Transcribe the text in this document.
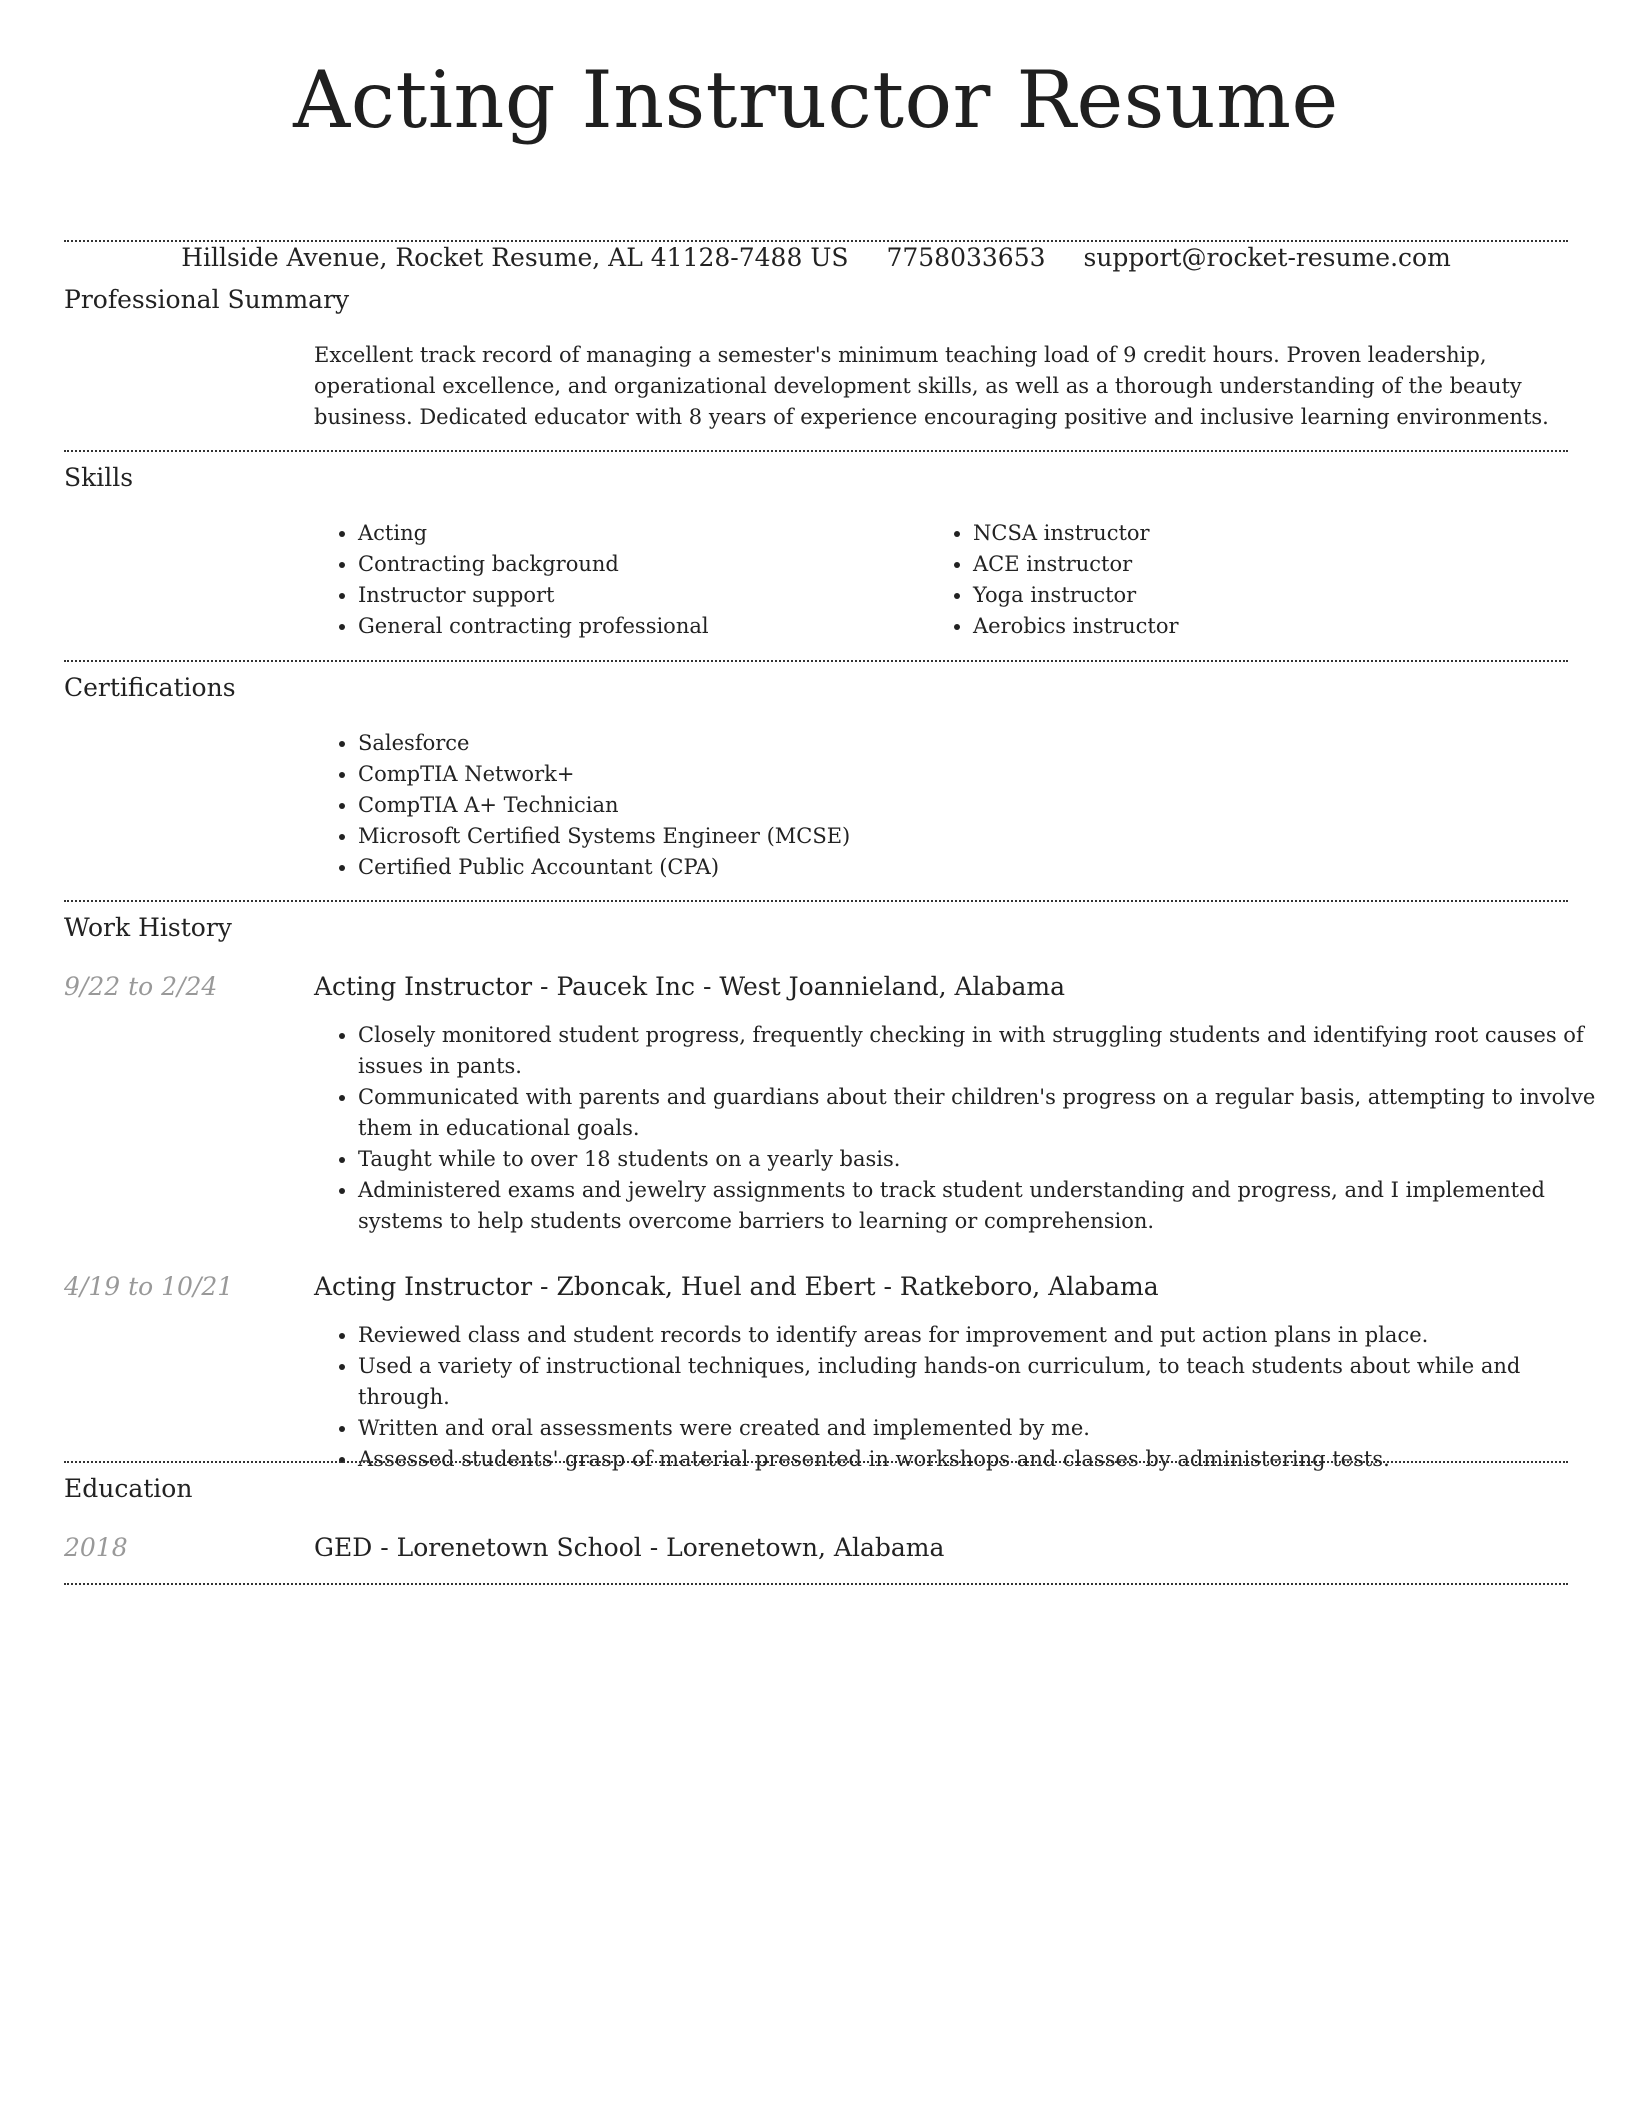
Acting Instructor Resume
Hillside Avenue, Rocket Resume, AL 41128-7488 US 7758033653 support@rocket-resume.com
Professional Summary
Excellent track record of managing a semester's minimum teaching load of 9 credit hours. Proven leadership, operational excellence, and organizational development skills, as well as a thorough understanding of the beauty business. Dedicated educator with 8 years of experience encouraging positive and inclusive learning environments.
Skills
• Acting
• Contracting background
• Instructor support
• General contracting professional
• NCSA instructor
• ACE instructor
• Yoga instructor
• Aerobics instructor
Certifications
• Salesforce
• CompTIA Network+
• CompTIA A+ Technician
• Microsoft Certified Systems Engineer (MCSE)
• Certified Public Accountant (CPA)
Work History
9/22 to 2/24	Acting Instructor - Paucek Inc - West Joannieland, Alabama
• Closely monitored student progress, frequently checking in with struggling students and identifying root causes of issues in pants.
• Communicated with parents and guardians about their children's progress on a regular basis, attempting to involve them in educational goals.
• Taught while to over 18 students on a yearly basis.
• Administered exams and jewelry assignments to track student understanding and progress, and I implemented systems to help students overcome barriers to learning or comprehension.
4/19 to 10/21	Acting Instructor - Zboncak, Huel and Ebert - Ratkeboro, Alabama
• Reviewed class and student records to identify areas for improvement and put action plans in place.
• Used a variety of instructional techniques, including hands-on curriculum, to teach students about while and through.
• Written and oral assessments were created and implemented by me.
• Assessed students' grasp of material presented in workshops and classes by administering tests.
Education
2018	GED - Lorenetown School - Lorenetown, Alabama
